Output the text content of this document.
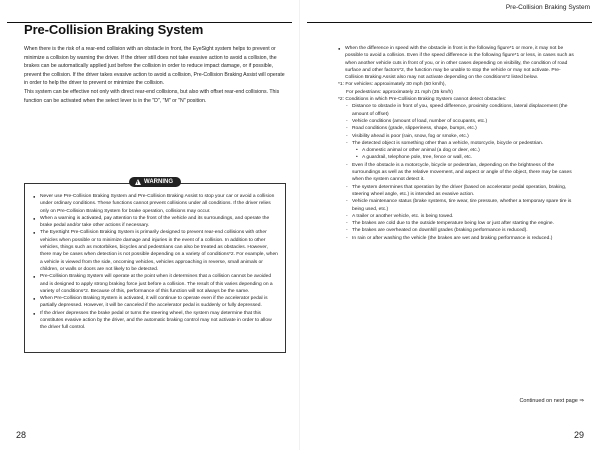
Pre-Collision Braking System

When there is the risk of a rear-end collision with an obstacle in front, the EyeSight system helps to prevent or minimize a collision by warning the driver. If the driver still does not take evasive action to avoid a collision, the brakes can be automatically applied just before the collision in order to reduce impact damage, or if possible, prevent the collision. If the driver takes evasive action to avoid a collision, Pre-Collision Braking Assist will operate in order to help the driver to prevent or minimize the collision.

This system can be effective not only with direct rear-end collisions, but also with offset rear-end collisions. This function can be activated when the select lever is in the "D", "M" or "N" position.

!
WARNING
● Never use Pre-Collision Braking System and Pre-Collision Braking Assist to stop your car or avoid a collision under ordinary conditions. These functions cannot prevent collisions under all conditions. If the driver relies only on Pre-Collision Braking System for brake operation, collisions may occur.
● When a warning is activated, pay attention to the front of the vehicle and its surroundings, and operate the brake pedal and/or take other actions if necessary.
● The EyeSight Pre-Collision Braking System is primarily designed to prevent rear-end collisions with other vehicles when possible or to minimize damage and injuries in the event of a collision. In addition to other vehicles, things such as motorbikes, bicycles and pedestrians can also be treated as obstacles. However, there may be cases when detection is not possible depending on a variety of conditions*2. For example, when a vehicle is viewed from the side, oncoming vehicles, vehicles approaching in reverse, small animals or children, or walls or doors are not likely to be detected.
● Pre-Collision Braking System will operate at the point when it determines that a collision cannot be avoided and is designed to apply strong braking force just before a collision. The result of this varies depending on a variety of conditions*2. Because of this, performance of this function will not always be the same.
● When Pre-Collision Braking System is activated, it will continue to operate even if the accelerator pedal is partially depressed. However, it will be canceled if the accelerator pedal is suddenly or fully depressed.
● If the driver depresses the brake pedal or turns the steering wheel, the system may determine that this constitutes evasive action by the driver, and the automatic braking control may not activate in order to allow the driver full control.
28
Pre-Collision Braking System

● When the difference in speed with the obstacle in front is the following figure*1 or more, it may not be possible to avoid a collision. Even if the speed difference is the following figure*1 or less, in cases such as when another vehicle cuts in front of you, or in other cases depending on visibility, the condition of road surface and other factors*2, the function may be unable to stop the vehicle or may not activate. Pre-Collision Braking Assist also may not activate depending on the conditions*2 listed below.

*1: For vehicles: approximately 30 mph (50 km/h),

For pedestrians: approximately 21 mph (35 km/h)

*2: Conditions in which Pre-Collision Braking System cannot detect obstacles:

- Distance to obstacle in front of you, speed difference, proximity conditions, lateral displacement (the amount of offset)
- Vehicle conditions (amount of load, number of occupants, etc.)
- Road conditions (grade, slipperiness, shape, bumps, etc.)
- Visibility ahead is poor (rain, snow, fog or smoke, etc.)
- The detected object is something other than a vehicle, motorcycle, bicycle or pedestrian.
• A domestic animal or other animal (a dog or deer, etc.)
• A guardrail, telephone pole, tree, fence or wall, etc.
- Even if the obstacle is a motorcycle, bicycle or pedestrian, depending on the brightness of the surroundings as well as the relative movement, and aspect or angle of the object, there may be cases when the system cannot detect it.
- The system determines that operation by the driver (based on accelerator pedal operation, braking, steering wheel angle, etc.) is intended as evasive action.
- Vehicle maintenance status (brake systems, tire wear, tire pressure, whether a temporary spare tire is being used, etc.)
- A trailer or another vehicle, etc. is being towed.
- The brakes are cold due to the outside temperature being low or just after starting the engine.
- The brakes are overheated on downhill grades (braking performance is reduced).
- In rain or after washing the vehicle (the brakes are wet and braking performance is reduced.)
Continued on next page ⇒
29
